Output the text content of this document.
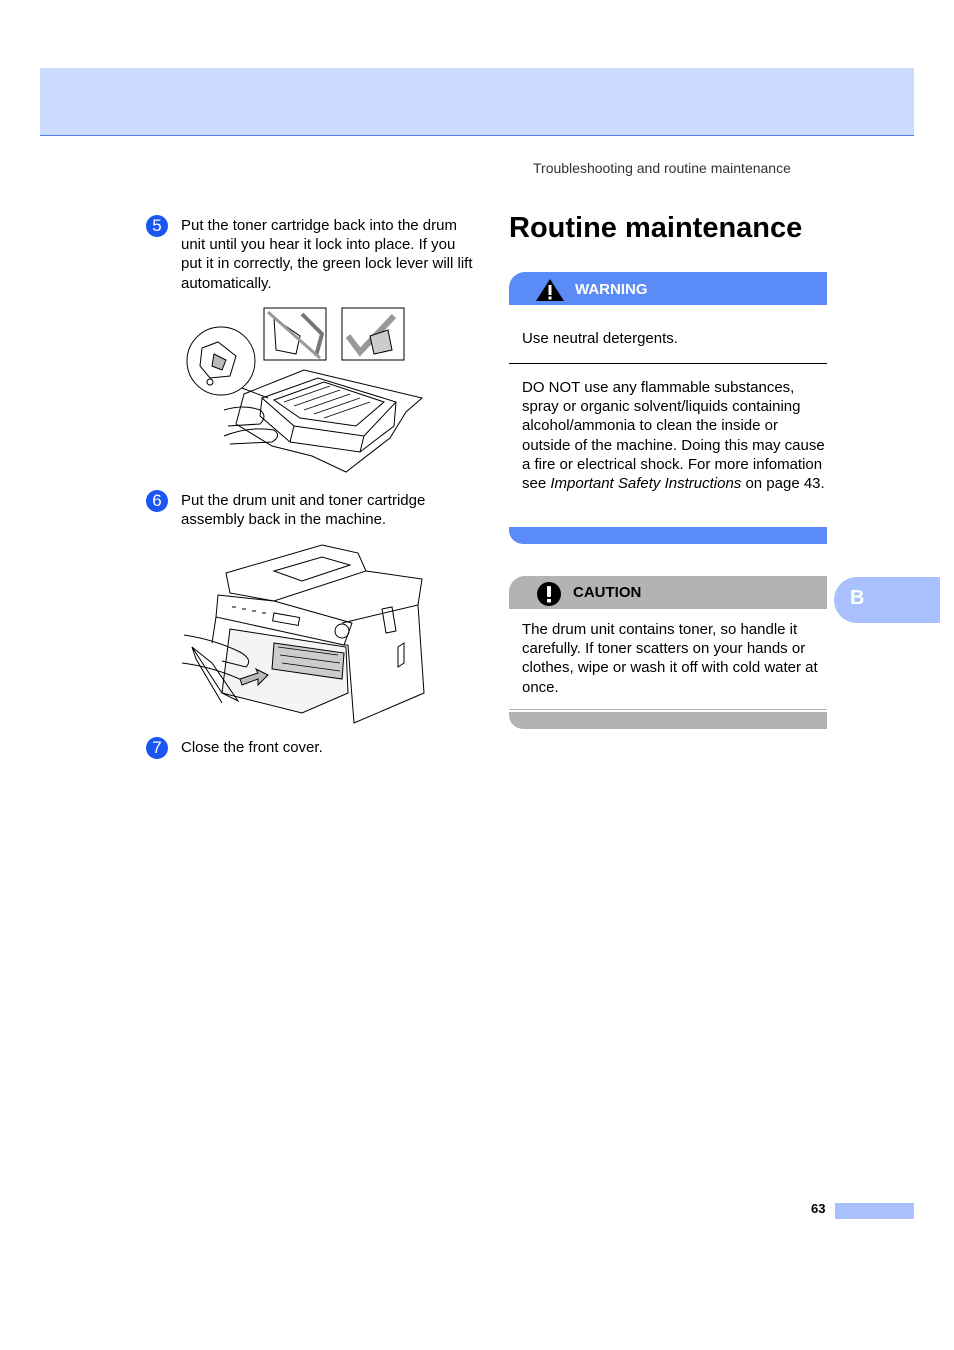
Troubleshooting and routine maintenance
5	Put the toner cartridge back into the drum unit until you hear it lock into place. If you put it in correctly, the green lock lever will lift automatically.
6	Put the drum unit and toner cartridge assembly back in the machine.
7	Close the front cover.
Routine maintenance
WARNING
Use neutral detergents.
DO NOT use any flammable substances, spray or organic solvent/liquids containing alcohol/ammonia to clean the inside or outside of the machine. Doing this may cause a fire or electrical shock. For more infomation see Important Safety Instructions on page 43.
CAUTION
The drum unit contains toner, so handle it carefully. If toner scatters on your hands or clothes, wipe or wash it off with cold water at once.
B
63
